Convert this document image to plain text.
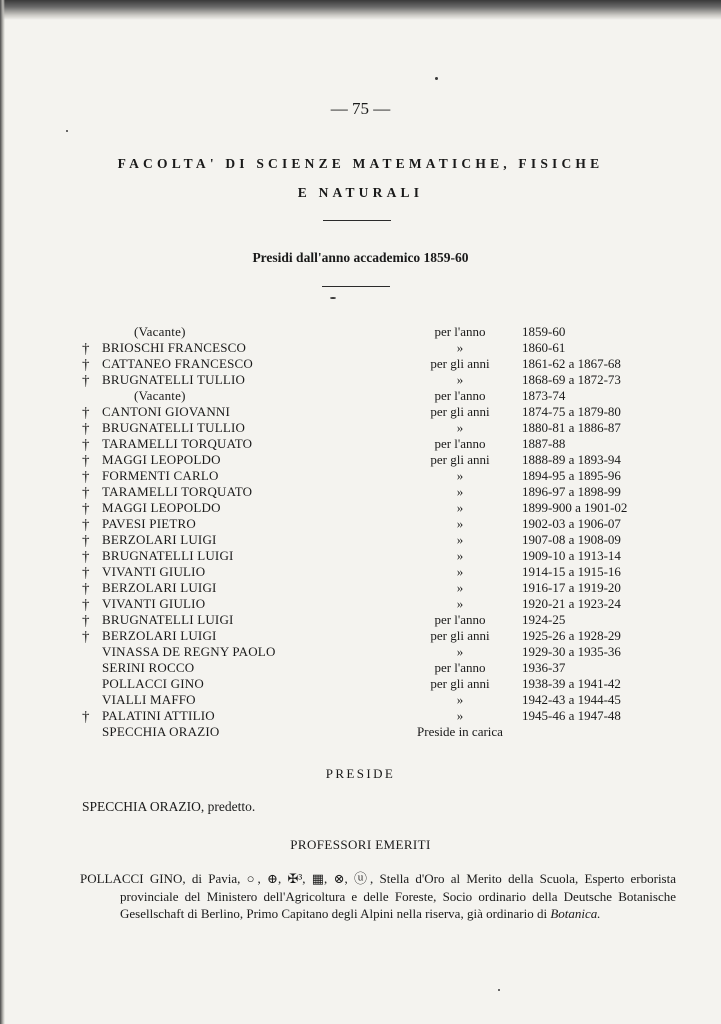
— 75 —
FACOLTA' DI SCIENZE MATEMATICHE, FISICHE
E NATURALI
Presidi dall'anno accademico 1859-60
(Vacante)	per l'anno	1859-60
† BRIOSCHI FRANCESCO	»	1860-61
† CATTANEO FRANCESCO	per gli anni	1861-62 a 1867-68
† BRUGNATELLI TULLIO	»	1868-69 a 1872-73
(Vacante)	per l'anno	1873-74
† CANTONI GIOVANNI	per gli anni	1874-75 a 1879-80
† BRUGNATELLI TULLIO	»	1880-81 a 1886-87
† TARAMELLI TORQUATO	per l'anno	1887-88
† MAGGI LEOPOLDO	per gli anni	1888-89 a 1893-94
† FORMENTI CARLO	»	1894-95 a 1895-96
† TARAMELLI TORQUATO	»	1896-97 a 1898-99
† MAGGI LEOPOLDO	»	1899-900 a 1901-02
† PAVESI PIETRO	»	1902-03 a 1906-07
† BERZOLARI LUIGI	»	1907-08 a 1908-09
† BRUGNATELLI LUIGI	»	1909-10 a 1913-14
† VIVANTI GIULIO	»	1914-15 a 1915-16
† BERZOLARI LUIGI	»	1916-17 a 1919-20
† VIVANTI GIULIO	»	1920-21 a 1923-24
† BRUGNATELLI LUIGI	per l'anno	1924-25
† BERZOLARI LUIGI	per gli anni	1925-26 a 1928-29
VINASSA DE REGNY PAOLO	»	1929-30 a 1935-36
SERINI ROCCO	per l'anno	1936-37
POLLACCI GINO	per gli anni	1938-39 a 1941-42
VIALLI MAFFO	»	1942-43 a 1944-45
† PALATINI ATTILIO	»	1945-46 a 1947-48
SPECCHIA ORAZIO	Preside in carica
PRESIDE
SPECCHIA ORAZIO, predetto.
PROFESSORI EMERITI
POLLACCI GINO, di Pavia, ○, ⊕, ✠³, ▦, ⊗, ⓤ, Stella d'Oro al Merito della Scuola, Esperto erborista provinciale del Ministero dell'Agricoltura e delle Foreste, Socio ordinario della Deutsche Botanische Gesellschaft di Berlino, Primo Capitano degli Alpini nella riserva, già ordinario di Botanica.
